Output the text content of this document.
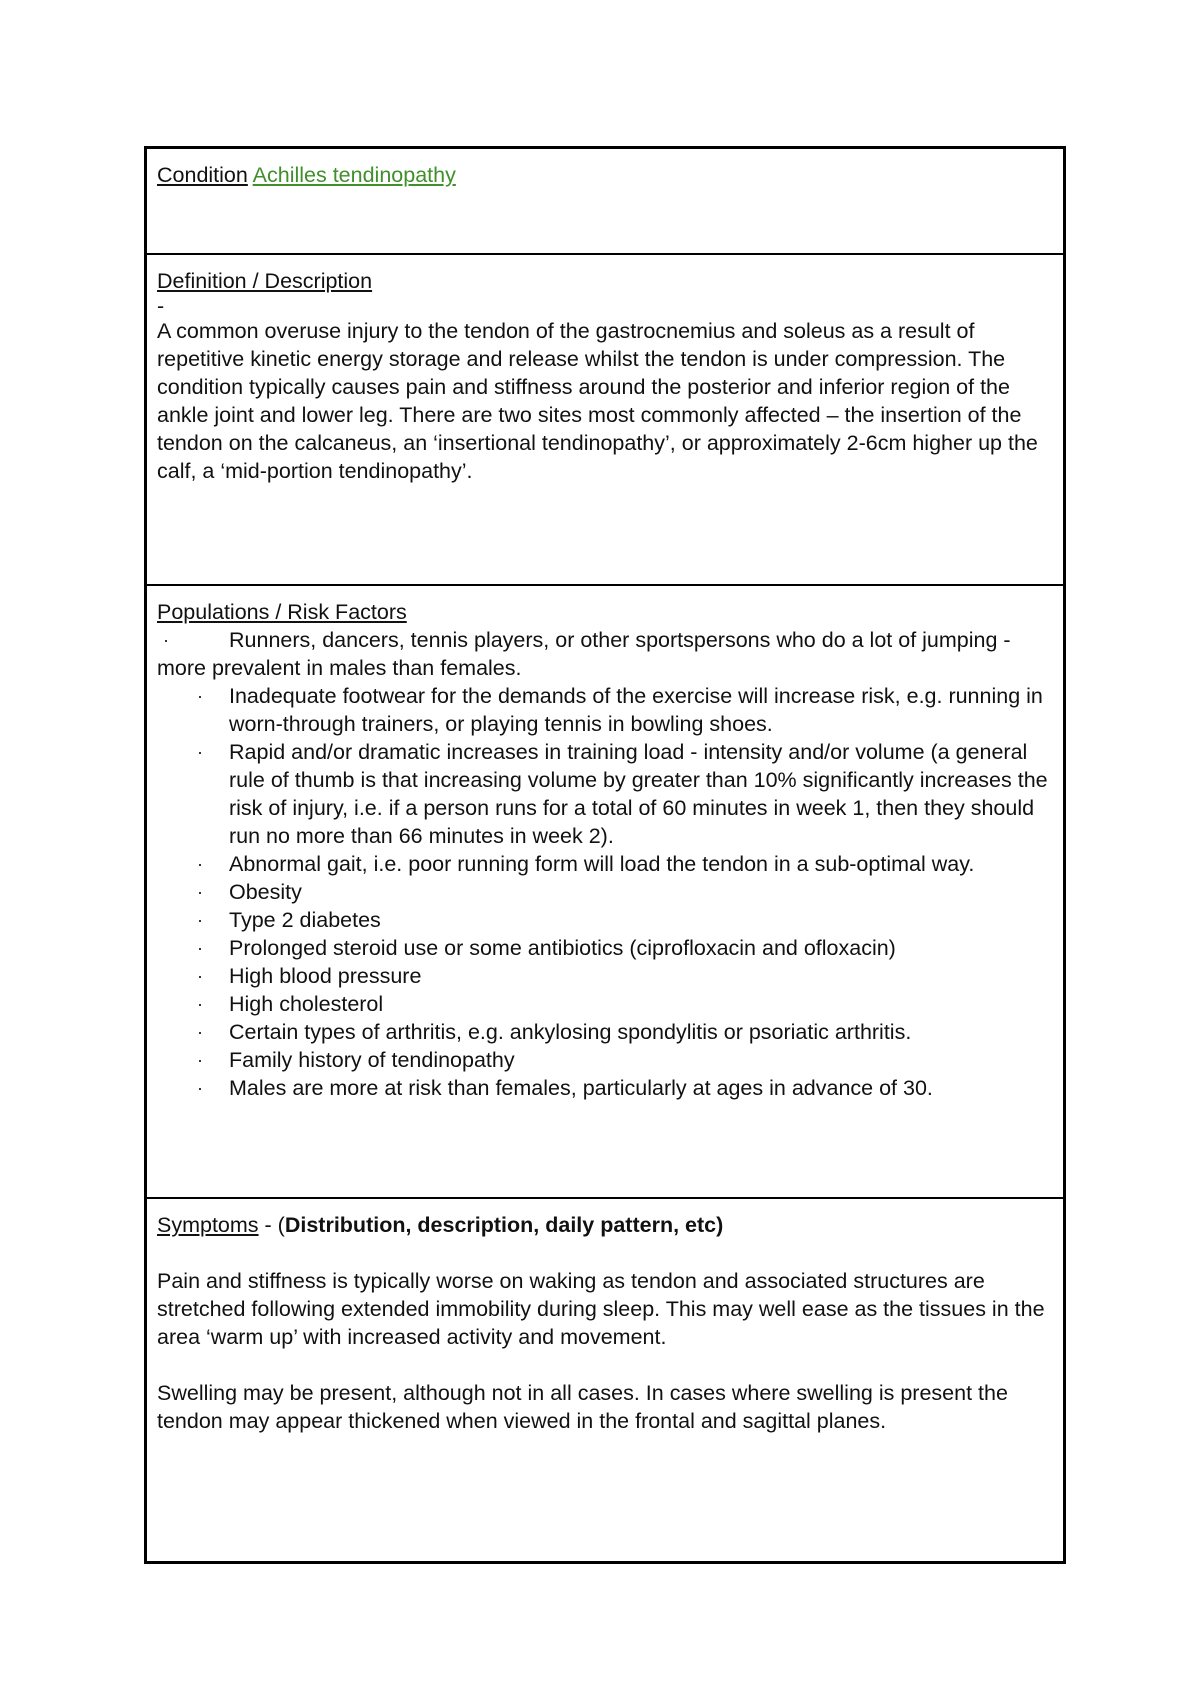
Condition Achilles tendinopathy
Definition / Description
-

A common overuse injury to the tendon of the gastrocnemius and soleus as a result of repetitive kinetic energy storage and release whilst the tendon is under compression. The condition typically causes pain and stiffness around the posterior and inferior region of the ankle joint and lower leg. There are two sites most commonly affected – the insertion of the tendon on the calcaneus, an ‘insertional tendinopathy’, or approximately 2-6cm higher up the calf, a ‘mid-portion tendinopathy’.

Populations / Risk Factors
·	Runners, dancers, tennis players, or other sportspersons who do a lot of jumping - more prevalent in males than females.
· Inadequate footwear for the demands of the exercise will increase risk, e.g. running in worn-through trainers, or playing tennis in bowling shoes.
· Rapid and/or dramatic increases in training load - intensity and/or volume (a general rule of thumb is that increasing volume by greater than 10% significantly increases the risk of injury, i.e. if a person runs for a total of 60 minutes in week 1, then they should run no more than 66 minutes in week 2).
· Abnormal gait, i.e. poor running form will load the tendon in a sub-optimal way.
· Obesity
· Type 2 diabetes
· Prolonged steroid use or some antibiotics (ciprofloxacin and ofloxacin)
· High blood pressure
· High cholesterol
· Certain types of arthritis, e.g. ankylosing spondylitis or psoriatic arthritis.
· Family history of tendinopathy
· Males are more at risk than females, particularly at ages in advance of 30.
Symptoms - (Distribution, description, daily pattern, etc)

Pain and stiffness is typically worse on waking as tendon and associated structures are stretched following extended immobility during sleep. This may well ease as the tissues in the area ‘warm up’ with increased activity and movement.

Swelling may be present, although not in all cases. In cases where swelling is present the tendon may appear thickened when viewed in the frontal and sagittal planes.
